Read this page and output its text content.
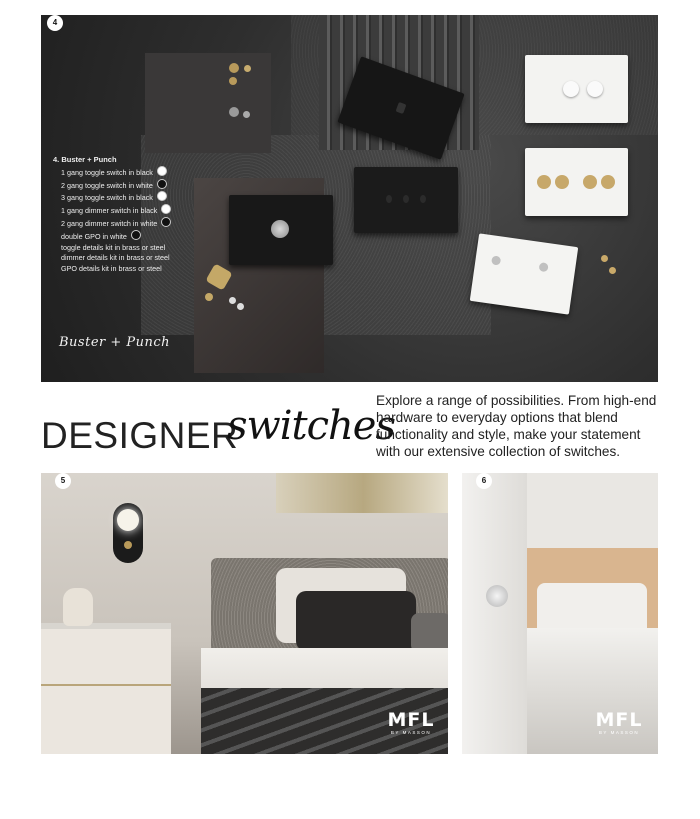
4
4. Buster + Punch
1 gang toggle switch in black
2 gang toggle switch in white
3 gang toggle switch in black
1 gang dimmer switch in black
2 gang dimmer switch in white
double GPO in white
toggle details kit in brass or steel
dimmer details kit in brass or steel
GPO details kit in brass or steel
Buster + Punch
DESIGNER
switches
Explore a range of possibilities. From high-end hardware to everyday options that blend functionality and style, make your statement with our extensive collection of switches.
5
MFL
BY MASSON
6
MFL
BY MASSON
